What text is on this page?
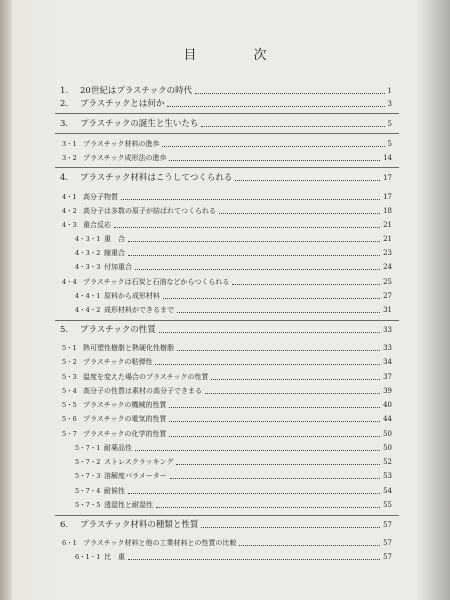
目　次
1. 20世紀はプラスチックの時代	1
2. プラスチックとは何か	3
3. プラスチックの誕生と生いたち	5
3・1 プラスチック材料の進歩	5
3・2 プラスチック成形法の進歩	14
4. プラスチック材料はこうしてつくられる	17
4・1 高分子物質	17
4・2 高分子は多数の原子が結ばれてつくられる	18
4・3 重合反応	21
4・3・1 重　合	21
4・3・2 縮重合	23
4・3・3 付加重合	24
4・4 プラスチックは石炭と石油などからつくられる	25
4・4・1 原料から成形材料	27
4・4・2 成形材料ができるまで	31
5. プラスチックの性質	33
5・1 熱可塑性樹脂と熱硬化性樹脂	33
5・2 プラスチックの粘弾性	34
5・3 温度を変えた場合のプラスチックの性質	37
5・4 高分子の性質は素材の高分子できまる	39
5・5 プラスチックの機械的性質	40
5・6 プラスチックの電気的性質	44
5・7 プラスチックの化学的性質	50
5・7・1 耐薬品性	50
5・7・2 ストレスクラッキング	52
5・7・3 溶解度パラメーター	53
5・7・4 耐候性	54
5・7・5 透湿性と耐湿性	55
6. プラスチック材料の種類と性質	57
6・1 プラスチック材料と他の工業材料との性質の比較	57
6・1・1 比　重	57
